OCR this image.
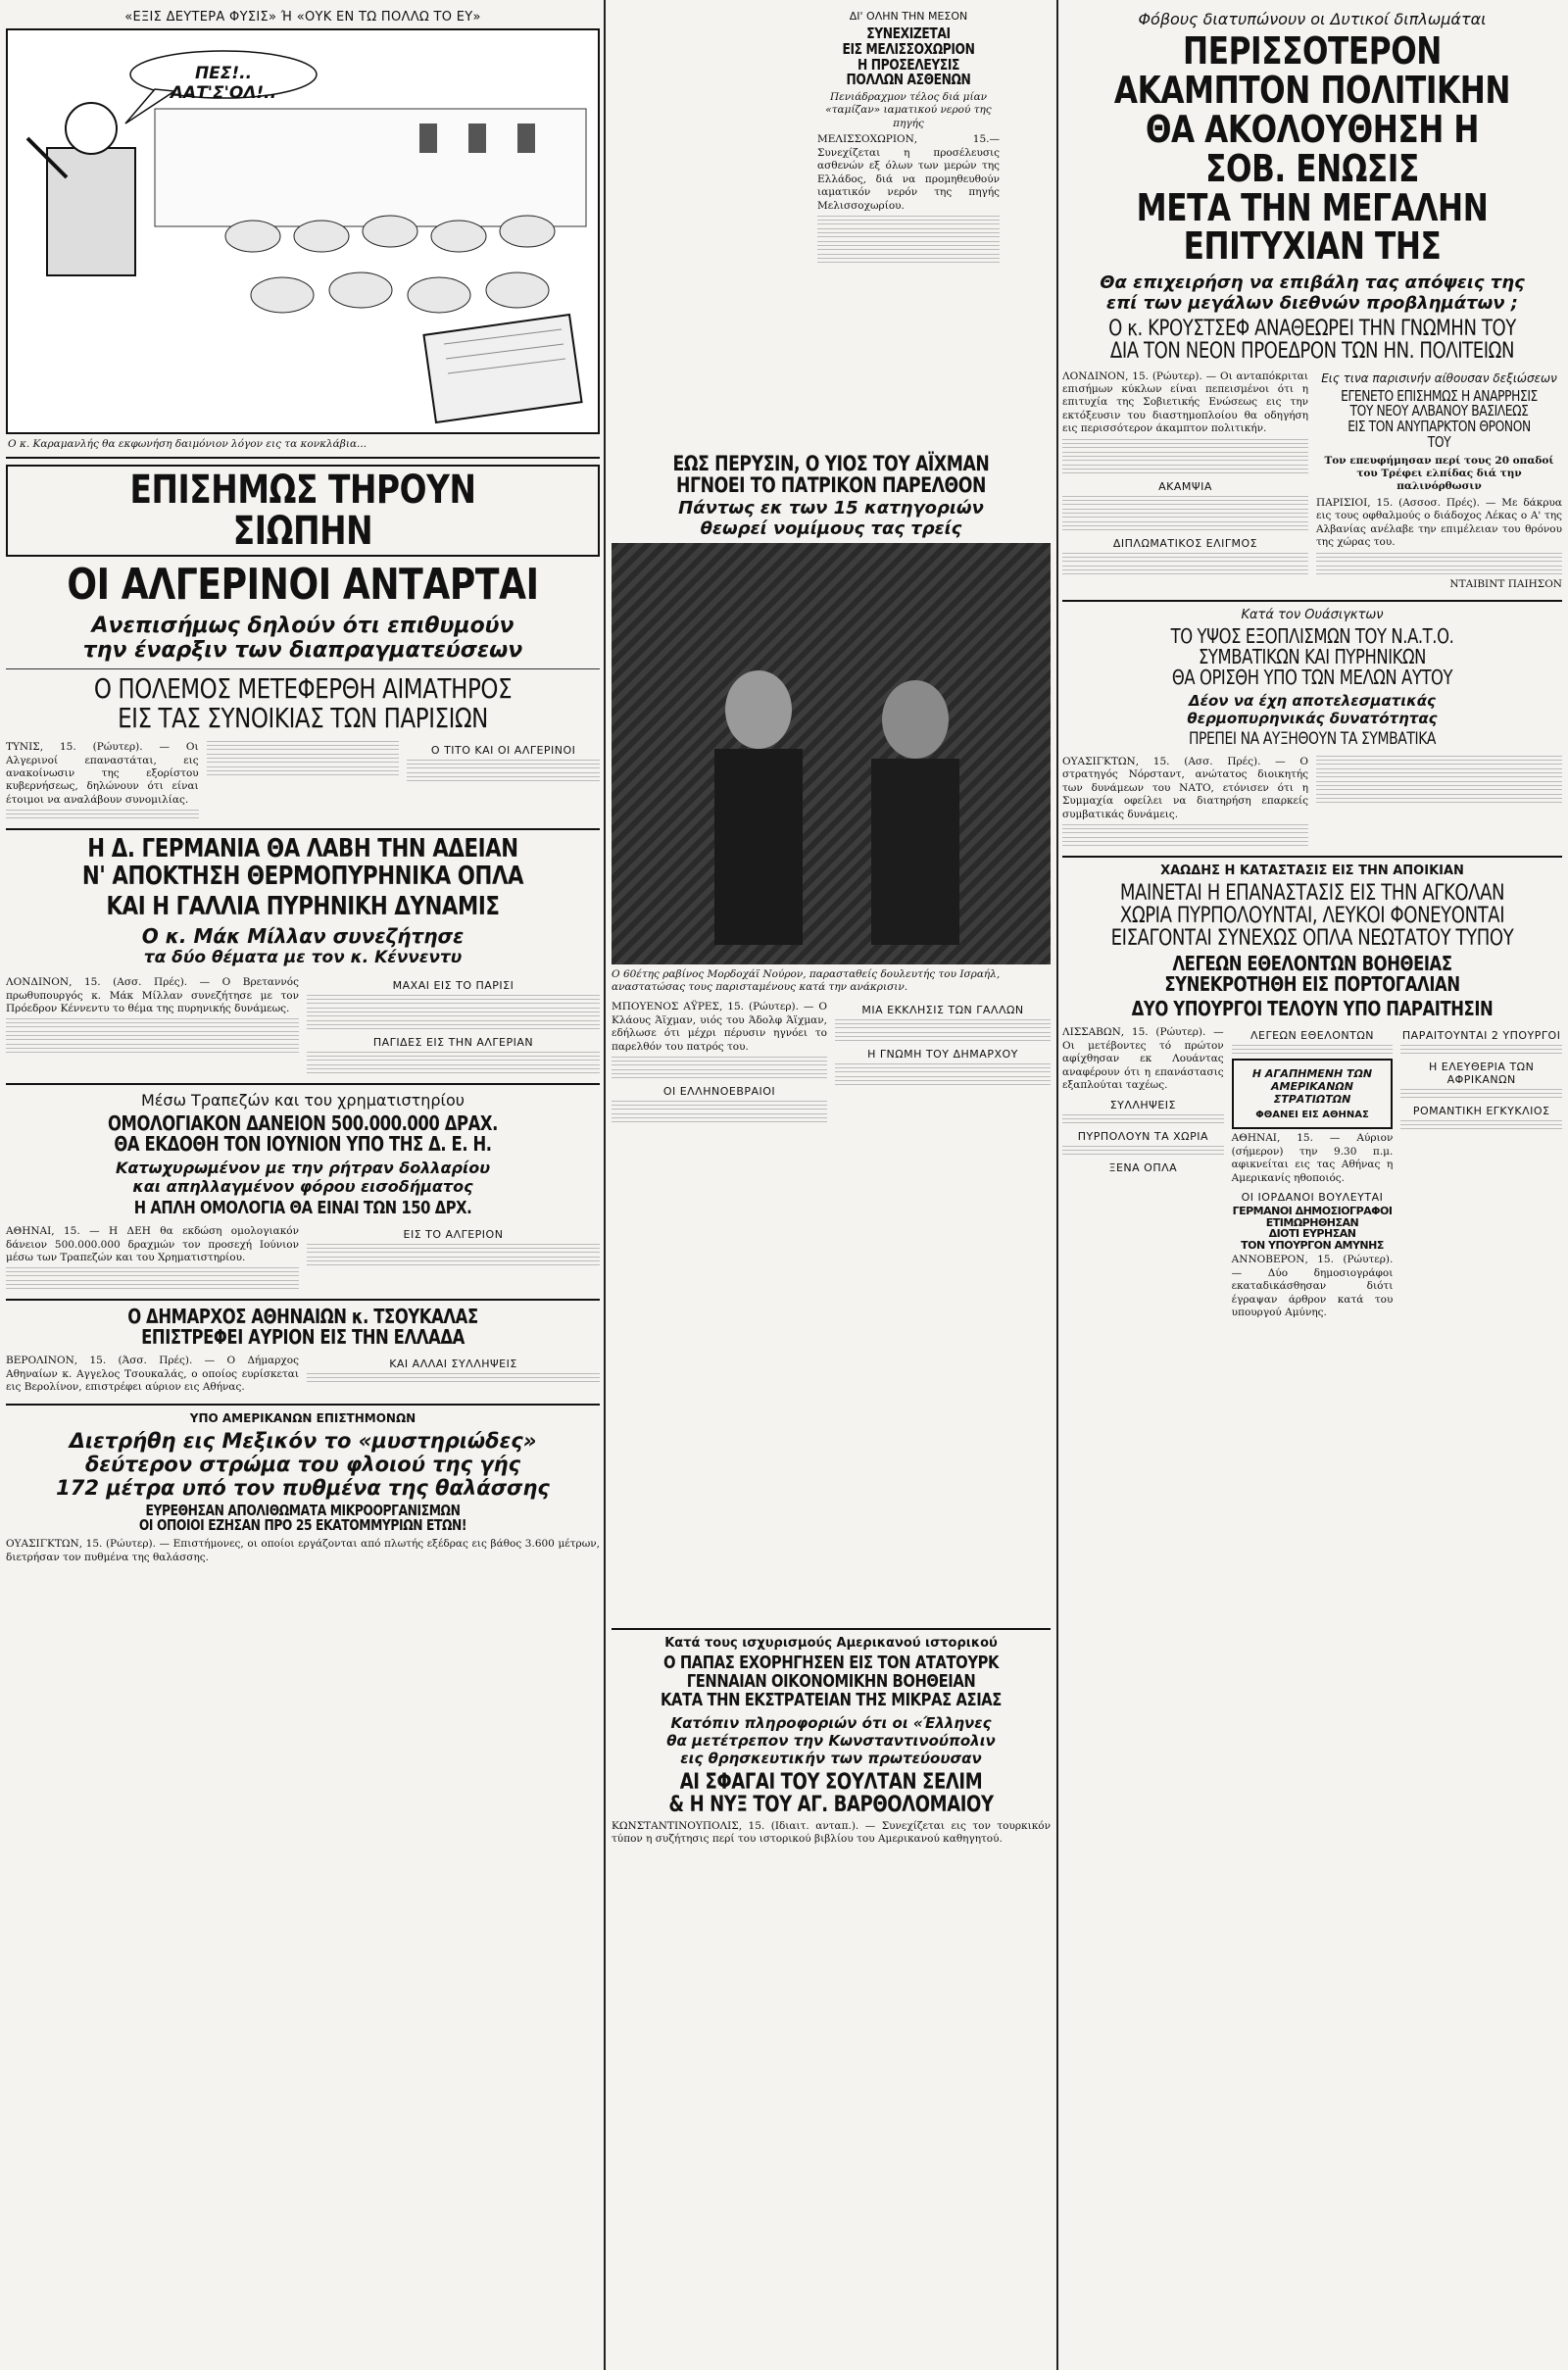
«ΕΞΙΣ ΔΕΥΤΕΡΑ ΦΥΣΙΣ» Ή «ΟΥΚ ΕΝ ΤΩ ΠΟΛΛΩ ΤΟ ΕΥ»
ΠΕΣ!.. ΑΑΤ'Σ'ΟΛ!..
Ο κ. Καραμανλής θα εκφωνήση δαιμόνιον λόγον εις τα κονκλάβια...
ΕΠΙΣΗΜΩΣ ΤΗΡΟΥΝ ΣΙΩΠΗΝ
ΟΙ ΑΛΓΕΡΙΝΟΙ ΑΝΤΑΡΤΑΙ
Ανεπισήμως δηλούν ότι επιθυμούν
την έναρξιν των διαπραγματεύσεων
Ο ΠΟΛΕΜΟΣ ΜΕΤΕΦΕΡΘΗ ΑΙΜΑΤΗΡΟΣ
ΕΙΣ ΤΑΣ ΣΥΝΟΙΚΙΑΣ ΤΩΝ ΠΑΡΙΣΙΩΝ

ΤΥΝΙΣ, 15. (Ρώυτερ). — Οι Αλγερινοί επαναστάται, εις ανακοίνωσιν της εξορίστου κυβερνήσεως, δηλώνουν ότι είναι έτοιμοι να αναλάβουν συνομιλίας.

Ο ΤΙΤΟ ΚΑΙ ΟΙ ΑΛΓΕΡΙΝΟΙ

Η Δ. ΓΕΡΜΑΝΙΑ ΘΑ ΛΑΒΗ ΤΗΝ ΑΔΕΙΑΝ
Ν' ΑΠΟΚΤΗΣΗ ΘΕΡΜΟΠΥΡΗΝΙΚΑ ΟΠΛΑ
ΚΑΙ Η ΓΑΛΛΙΑ ΠΥΡΗΝΙΚΗ ΔΥΝΑΜΙΣ
Ο κ. Μάκ Μίλλαν συνεζήτησε
τα δύο θέματα με τον κ. Κέννεντυ

ΛΟΝΔΙΝΟΝ, 15. (Ασσ. Πρές). — Ο Βρεταννός πρωθυπουργός κ. Μάκ Μίλλαν συνεζήτησε με τον Πρόεδρον Κέννεντυ το θέμα της πυρηνικής δυνάμεως.

ΜΑΧΑΙ ΕΙΣ ΤΟ ΠΑΡΙΣΙ

ΠΑΓΙΔΕΣ ΕΙΣ ΤΗΝ ΑΛΓΕΡΙΑΝ

Μέσω Τραπεζών και του χρηματιστηρίου
ΟΜΟΛΟΓΙΑΚΟΝ ΔΑΝΕΙΟΝ 500.000.000 ΔΡΑΧ.
ΘΑ ΕΚΔΟΘΗ ΤΟΝ ΙΟΥΝΙΟΝ ΥΠΟ ΤΗΣ Δ. Ε. Η.
Κατωχυρωμένον με την ρήτραν δολλαρίου
και απηλλαγμένον φόρου εισοδήματος
Η ΑΠΛΗ ΟΜΟΛΟΓΙΑ ΘΑ ΕΙΝΑΙ ΤΩΝ 150 ΔΡΧ.

ΑΘΗΝΑΙ, 15. — Η ΔΕΗ θα εκδώση ομολογιακόν δάνειον 500.000.000 δραχμών τον προσεχή Ιούνιον μέσω των Τραπεζών και του Χρηματιστηρίου.

ΕΙΣ ΤΟ ΑΛΓΕΡΙΟΝ

Ο ΔΗΜΑΡΧΟΣ ΑΘΗΝΑΙΩΝ κ. ΤΣΟΥΚΑΛΑΣ
ΕΠΙΣΤΡΕΦΕΙ ΑΥΡΙΟΝ ΕΙΣ ΤΗΝ ΕΛΛΑΔΑ

ΒΕΡΟΛΙΝΟΝ, 15. (Άσσ. Πρές). — Ο Δήμαρχος Αθηναίων κ. Αγγελος Τσουκαλάς, ο οποίος ευρίσκεται εις Βερολίνον, επιστρέφει αύριον εις Αθήνας.

ΚΑΙ ΑΛΛΑΙ ΣΥΛΛΗΨΕΙΣ

ΥΠΟ ΑΜΕΡΙΚΑΝΩΝ ΕΠΙΣΤΗΜΟΝΩΝ
Διετρήθη εις Μεξικόν το «μυστηριώδες»
δεύτερον στρώμα του φλοιού της γής
172 μέτρα υπό τον πυθμένα της θαλάσσης
ΕΥΡΕΘΗΣΑΝ ΑΠΟΛΙΘΩΜΑΤΑ ΜΙΚΡΟΟΡΓΑΝΙΣΜΩΝ
ΟΙ ΟΠΟΙΟΙ ΕΖΗΣΑΝ ΠΡΟ 25 ΕΚΑΤΟΜΜΥΡΙΩΝ ΕΤΩΝ!

ΟΥΑΣΙΓΚΤΩΝ, 15. (Ρώυτερ). — Επιστήμονες, οι οποίοι εργάζονται από πλωτής εξέδρας εις βάθος 3.600 μέτρων, διετρήσαν τον πυθμένα της θαλάσσης.

ΔΙ' ΟΛΗΝ ΤΗΝ ΜΕΣΟΝ
ΣΥΝΕΧΙΖΕΤΑΙ
ΕΙΣ ΜΕΛΙΣΣΟΧΩΡΙΟΝ
Η ΠΡΟΣΕΛΕΥΣΙΣ
ΠΟΛΛΩΝ ΑΣΘΕΝΩΝ

Πενιάδραχμον τέλος διά μίαν «ταμίζαν» ιαματικού νερού της πηγής

ΜΕΛΙΣΣΟΧΩΡΙΟΝ, 15.— Συνεχίζεται η προσέλευσις ασθενών εξ όλων των μερών της Ελλάδος, διά να προμηθευθούν ιαματικόν νερόν της πηγής Μελισσοχωρίου.

ΕΩΣ ΠΕΡΥΣΙΝ, Ο ΥΙΟΣ ΤΟΥ ΑΪΧΜΑΝ
ΗΓΝΟΕΙ ΤΟ ΠΑΤΡΙΚΟΝ ΠΑΡΕΛΘΟΝ
Πάντως εκ των 15 κατηγοριών
θεωρεί νομίμους τας τρείς

Ο 60έτης ραβίνος Μορδοχάϊ Νούρον, παρασταθείς δουλευτής του Ισραήλ, αναστατώσας τους παρισταμένους κατά την ανάκρισιν.

ΜΠΟΥΕΝΟΣ ΑΫΡΕΣ, 15. (Ρώυτερ). — Ο Κλάους Άϊχμαν, υιός του Άδολφ Άϊχμαν, εδήλωσε ότι μέχρι πέρυσιν ηγνόει το παρελθόν του πατρός του.

ΟΙ ΕΛΛΗΝΟΕΒΡΑΙΟΙ

ΜΙΑ ΕΚΚΛΗΣΙΣ ΤΩΝ ΓΑΛΛΩΝ

Η ΓΝΩΜΗ ΤΟΥ ΔΗΜΑΡΧΟΥ

Κατά τους ισχυρισμούς Αμερικανού ιστορικού
Ο ΠΑΠΑΣ ΕΧΟΡΗΓΗΣΕΝ ΕΙΣ ΤΟΝ ΑΤΑΤΟΥΡΚ
ΓΕΝΝΑΙΑΝ ΟΙΚΟΝΟΜΙΚΗΝ ΒΟΗΘΕΙΑΝ
ΚΑΤΑ ΤΗΝ ΕΚΣΤΡΑΤΕΙΑΝ ΤΗΣ ΜΙΚΡΑΣ ΑΣΙΑΣ
Κατόπιν πληροφοριών ότι οι «Έλληνες
θα μετέτρεπον την Κωνσταντινούπολιν
εις θρησκευτικήν των πρωτεύουσαν
ΑΙ ΣΦΑΓΑΙ ΤΟΥ ΣΟΥΛΤΑΝ ΣΕΛΙΜ
& Η ΝΥΞ ΤΟΥ ΑΓ. ΒΑΡΘΟΛΟΜΑΙΟΥ

ΚΩΝΣΤΑΝΤΙΝΟΥΠΟΛΙΣ, 15. (Ιδιαιτ. ανταπ.). — Συνεχίζεται εις τον τουρκικόν τύπον η συζήτησις περί του ιστορικού βιβλίου του Αμερικανού καθηγητού.

Φόβους διατυπώνουν οι Δυτικοί διπλωμάται
ΠΕΡΙΣΣΟΤΕΡΟΝ ΑΚΑΜΠΤΟΝ ΠΟΛΙΤΙΚΗΝ
ΘΑ ΑΚΟΛΟΥΘΗΣΗ Η ΣΟΒ. ΕΝΩΣΙΣ
ΜΕΤΑ ΤΗΝ ΜΕΓΑΛΗΝ ΕΠΙΤΥΧΙΑΝ ΤΗΣ
Θα επιχειρήση να επιβάλη τας απόψεις της
επί των μεγάλων διεθνών προβλημάτων ;
Ο κ. ΚΡΟΥΣΤΣΕΦ ΑΝΑΘΕΩΡΕΙ ΤΗΝ ΓΝΩΜΗΝ ΤΟΥ
ΔΙΑ ΤΟΝ ΝΕΟΝ ΠΡΟΕΔΡΟΝ ΤΩΝ ΗΝ. ΠΟΛΙΤΕΙΩΝ

ΛΟΝΔΙΝΟΝ, 15. (Ρώυτερ). — Οι ανταπόκριται επισήμων κύκλων είναι πεπεισμένοι ότι η επιτυχία της Σοβιετικής Ενώσεως εις την εκτόξευσιν του διαστημοπλοίου θα οδηγήση εις περισσότερον άκαμπτον πολιτικήν.

ΑΚΑΜΨΙΑ

ΔΙΠΛΩΜΑΤΙΚΟΣ ΕΛΙΓΜΟΣ

Εις τινα παρισινήν αίθουσαν δεξιώσεων
ΕΓΕΝΕΤΟ ΕΠΙΣΗΜΩΣ Η ΑΝΑΡΡΗΣΙΣ
ΤΟΥ ΝΕΟΥ ΑΛΒΑΝΟΥ ΒΑΣΙΛΕΩΣ
ΕΙΣ ΤΟΝ ΑΝΥΠΑΡΚΤΟΝ ΘΡΟΝΟΝ ΤΟΥ

Τον επευφήμησαν περί τους 20 οπαδοί του Τρέφει ελπίδας διά την παλινόρθωσιν

ΠΑΡΙΣΙΟΙ, 15. (Ασσοσ. Πρές). — Με δάκρυα εις τους οφθαλμούς ο διάδοχος Λέκας ο Α' της Αλβανίας ανέλαβε την επιμέλειαν του θρόνου της χώρας του.

ΝΤΑΙΒΙΝΤ ΠΑΙΗΣΟΝ

Κατά τον Ουάσιγκτων
ΤΟ ΥΨΟΣ ΕΞΟΠΛΙΣΜΩΝ ΤΟΥ Ν.Α.Τ.Ο.
ΣΥΜΒΑΤΙΚΩΝ ΚΑΙ ΠΥΡΗΝΙΚΩΝ
ΘΑ ΟΡΙΣΘΗ ΥΠΟ ΤΩΝ ΜΕΛΩΝ ΑΥΤΟΥ
Δέον να έχη αποτελεσματικάς
θερμοπυρηνικάς δυνατότητας
ΠΡΕΠΕΙ ΝΑ ΑΥΞΗΘΟΥΝ ΤΑ ΣΥΜΒΑΤΙΚΑ

ΟΥΑΣΙΓΚΤΩΝ, 15. (Ασσ. Πρές). — Ο στρατηγός Νόρσταντ, ανώτατος διοικητής των δυνάμεων του ΝΑΤΟ, ετόνισεν ότι η Συμμαχία οφείλει να διατηρήση επαρκείς συμβατικάς δυνάμεις.

ΧΑΩΔΗΣ Η ΚΑΤΑΣΤΑΣΙΣ ΕΙΣ ΤΗΝ ΑΠΟΙΚΙΑΝ
ΜΑΙΝΕΤΑΙ Η ΕΠΑΝΑΣΤΑΣΙΣ ΕΙΣ ΤΗΝ ΑΓΚΟΛΑΝ
ΧΩΡΙΑ ΠΥΡΠΟΛΟΥΝΤΑΙ, ΛΕΥΚΟΙ ΦΟΝΕΥΟΝΤΑΙ
ΕΙΣΑΓΟΝΤΑΙ ΣΥΝΕΧΩΣ ΟΠΛΑ ΝΕΩΤΑΤΟΥ ΤΥΠΟΥ
ΛΕΓΕΩΝ ΕΘΕΛΟΝΤΩΝ ΒΟΗΘΕΙΑΣ
ΣΥΝΕΚΡΟΤΗΘΗ ΕΙΣ ΠΟΡΤΟΓΑΛΙΑΝ
ΔΥΟ ΥΠΟΥΡΓΟΙ ΤΕΛΟΥΝ ΥΠΟ ΠΑΡΑΙΤΗΣΙΝ

ΛΙΣΣΑΒΩΝ, 15. (Ρώυτερ). — Οι μετέβοντες τό πρώτον αφίχθησαν εκ Λουάντας αναφέρουν ότι η επανάστασις εξαπλούται ταχέως.

ΣΥΛΛΗΨΕΙΣ

ΠΥΡΠΟΛΟΥΝ ΤΑ ΧΩΡΙΑ

ΞΕΝΑ ΟΠΛΑ

ΛΕΓΕΩΝ ΕΘΕΛΟΝΤΩΝ

Η ΑΓΑΠΗΜΕΝΗ ΤΩΝ ΑΜΕΡΙΚΑΝΩΝ ΣΤΡΑΤΙΩΤΩΝ
ΦΘΑΝΕΙ ΕΙΣ ΑΘΗΝΑΣ

ΑΘΗΝΑΙ, 15. — Αύριον (σήμερον) την 9.30 π.μ. αφικνείται εις τας Αθήνας η Αμερικανίς ηθοποιός.

ΟΙ ΙΟΡΔΑΝΟΙ ΒΟΥΛΕΥΤΑΙ

ΓΕΡΜΑΝΟΙ ΔΗΜΟΣΙΟΓΡΑΦΟΙ
ΕΤΙΜΩΡΗΘΗΣΑΝ
ΔΙΟΤΙ ΕΥΡΗΣΑΝ
ΤΟΝ ΥΠΟΥΡΓΟΝ ΑΜΥΝΗΣ

ΑΝΝΟΒΕΡΟΝ, 15. (Ρώυτερ). — Δύο δημοσιογράφοι εκαταδικάσθησαν διότι έγραψαν άρθρον κατά του υπουργού Αμύνης.

ΠΑΡΑΙΤΟΥΝΤΑΙ 2 ΥΠΟΥΡΓΟΙ

Η ΕΛΕΥΘΕΡΙΑ ΤΩΝ ΑΦΡΙΚΑΝΩΝ

ΡΟΜΑΝΤΙΚΗ ΕΓΚΥΚΛΙΟΣ
